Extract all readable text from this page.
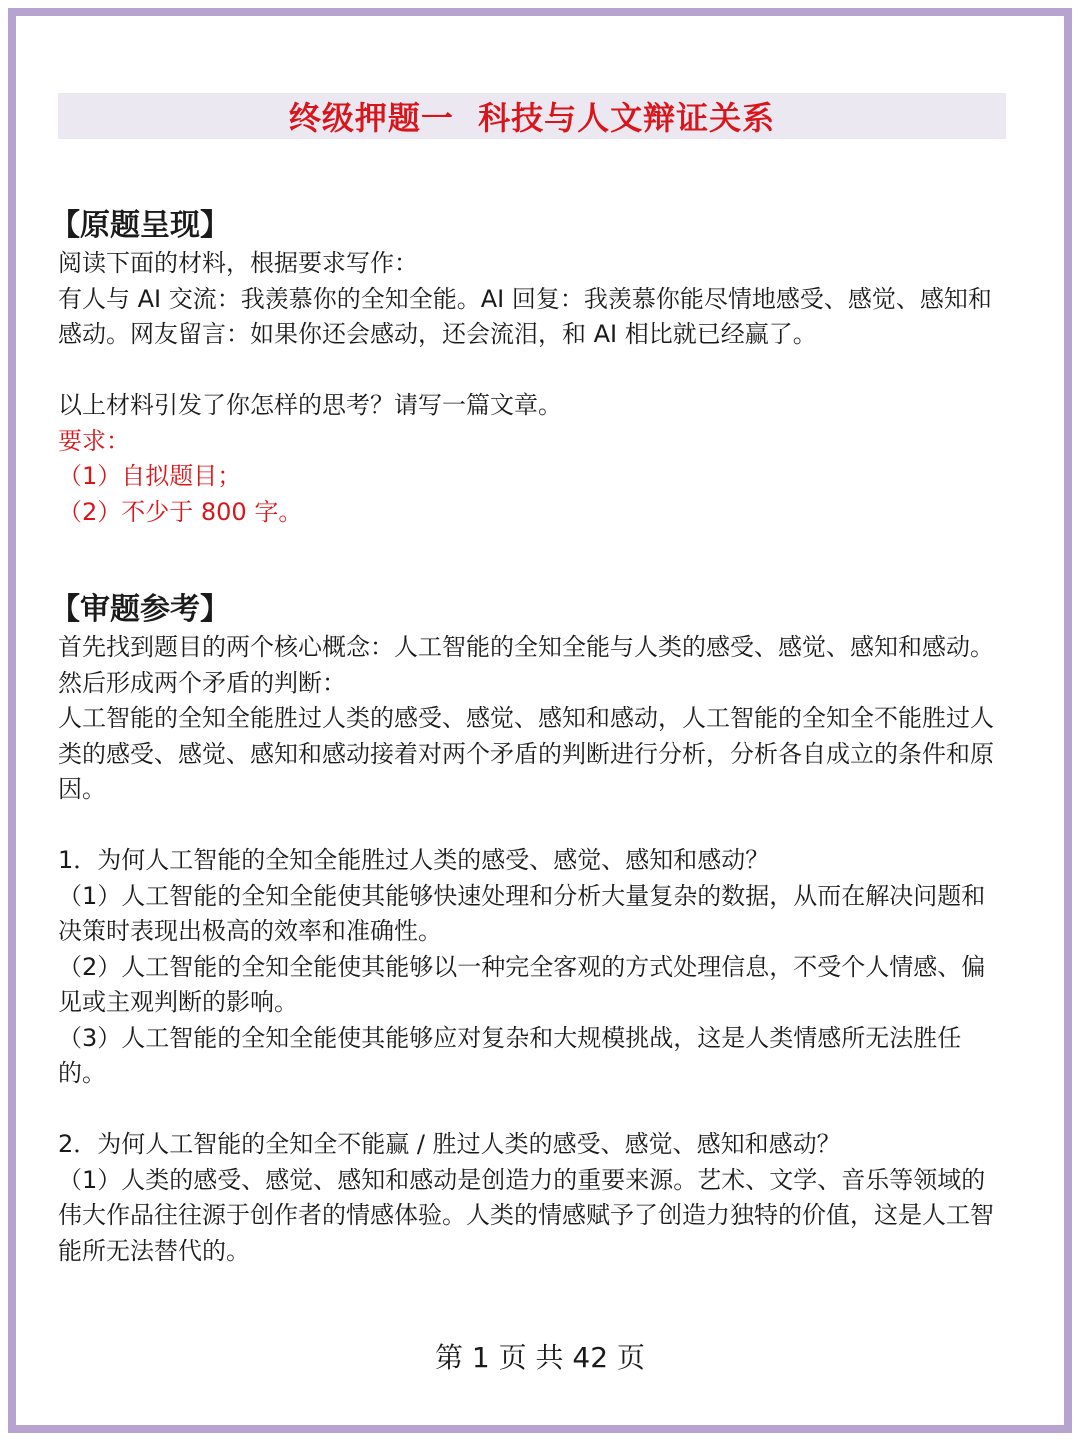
终级押题一  科技与人文辩证关系
【原题呈现】
阅读下面的材料，根据要求写作：
有人与 AI 交流：我羡慕你的全知全能。AI 回复：我羡慕你能尽情地感受、感觉、感知和感动。网友留言：如果你还会感动，还会流泪，和 AI 相比就已经赢了。
以上材料引发了你怎样的思考？请写一篇文章。
要求：
（1）自拟题目；
（2）不少于 800 字。
【审题参考】
首先找到题目的两个核心概念：人工智能的全知全能与人类的感受、感觉、感知和感动。然后形成两个矛盾的判断：
人工智能的全知全能胜过人类的感受、感觉、感知和感动，人工智能的全知全不能胜过人类的感受、感觉、感知和感动接着对两个矛盾的判断进行分析，分析各自成立的条件和原因。
1．为何人工智能的全知全能胜过人类的感受、感觉、感知和感动？
（1）人工智能的全知全能使其能够快速处理和分析大量复杂的数据，从而在解决问题和决策时表现出极高的效率和准确性。
（2）人工智能的全知全能使其能够以一种完全客观的方式处理信息，不受个人情感、偏见或主观判断的影响。
（3）人工智能的全知全能使其能够应对复杂和大规模挑战，这是人类情感所无法胜任的。
2．为何人工智能的全知全不能赢 / 胜过人类的感受、感觉、感知和感动？
（1）人类的感受、感觉、感知和感动是创造力的重要来源。艺术、文学、音乐等领域的伟大作品往往源于创作者的情感体验。人类的情感赋予了创造力独特的价值，这是人工智能所无法替代的。
第 1 页 共 42 页
